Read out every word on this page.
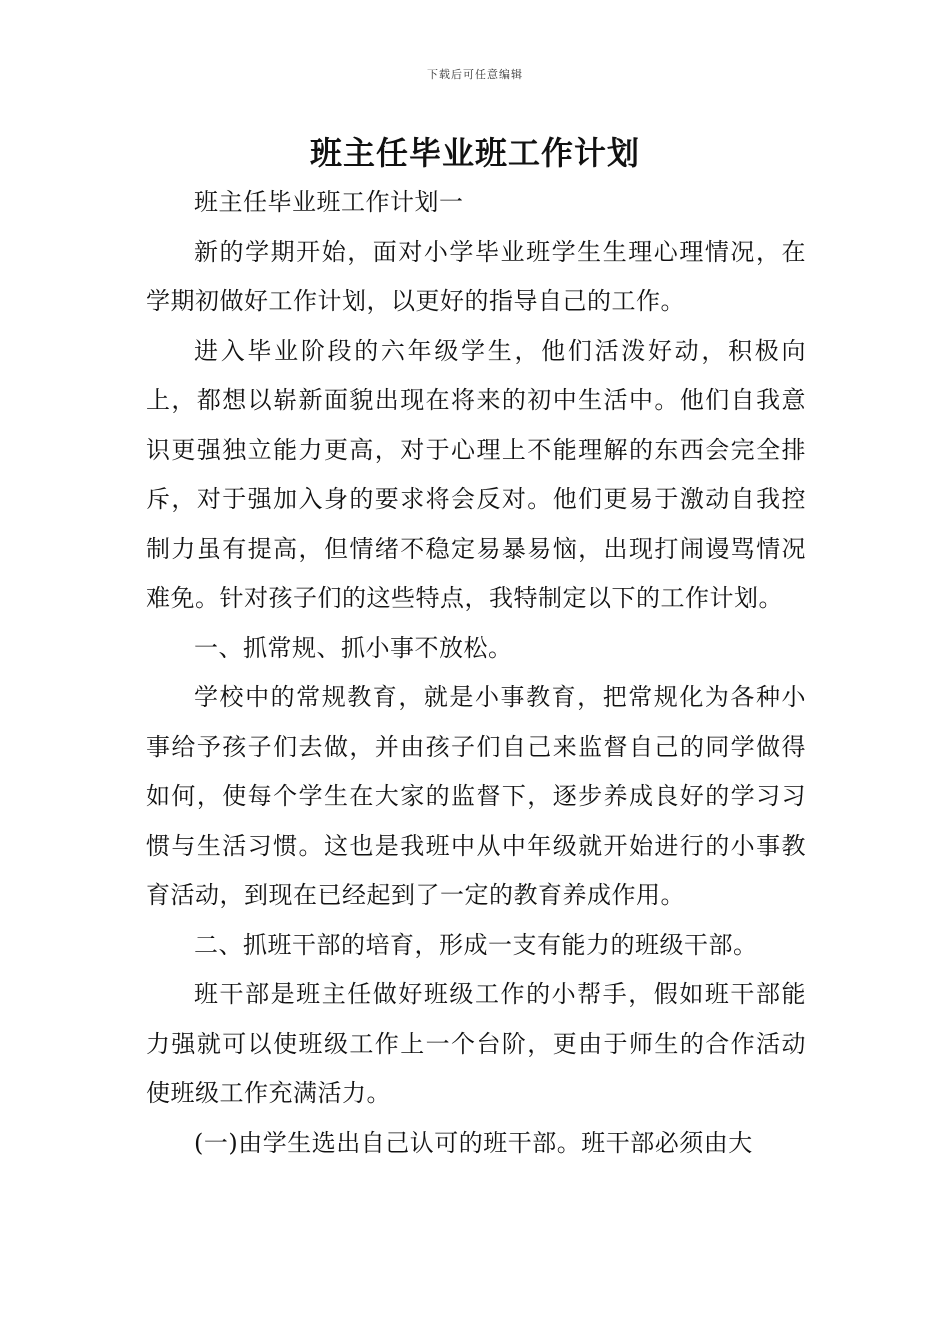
下载后可任意编辑
班主任毕业班工作计划

班主任毕业班工作计划一

新的学期开始，面对小学毕业班学生生理心理情况，在学期初做好工作计划，以更好的指导自己的工作。

进入毕业阶段的六年级学生，他们活泼好动，积极向上，都想以崭新面貌出现在将来的初中生活中。他们自我意识更强独立能力更高，对于心理上不能理解的东西会完全排斥，对于强加入身的要求将会反对。他们更易于激动自我控制力虽有提高，但情绪不稳定易暴易恼，出现打闹谩骂情况难免。针对孩子们的这些特点，我特制定以下的工作计划。

一、抓常规、抓小事不放松。

学校中的常规教育，就是小事教育，把常规化为各种小事给予孩子们去做，并由孩子们自己来监督自己的同学做得如何，使每个学生在大家的监督下，逐步养成良好的学习习惯与生活习惯。这也是我班中从中年级就开始进行的小事教育活动，到现在已经起到了一定的教育养成作用。

二、抓班干部的培育，形成一支有能力的班级干部。

班干部是班主任做好班级工作的小帮手，假如班干部能力强就可以使班级工作上一个台阶，更由于师生的合作活动使班级工作充满活力。

(一)由学生选出自己认可的班干部。班干部必须由大
